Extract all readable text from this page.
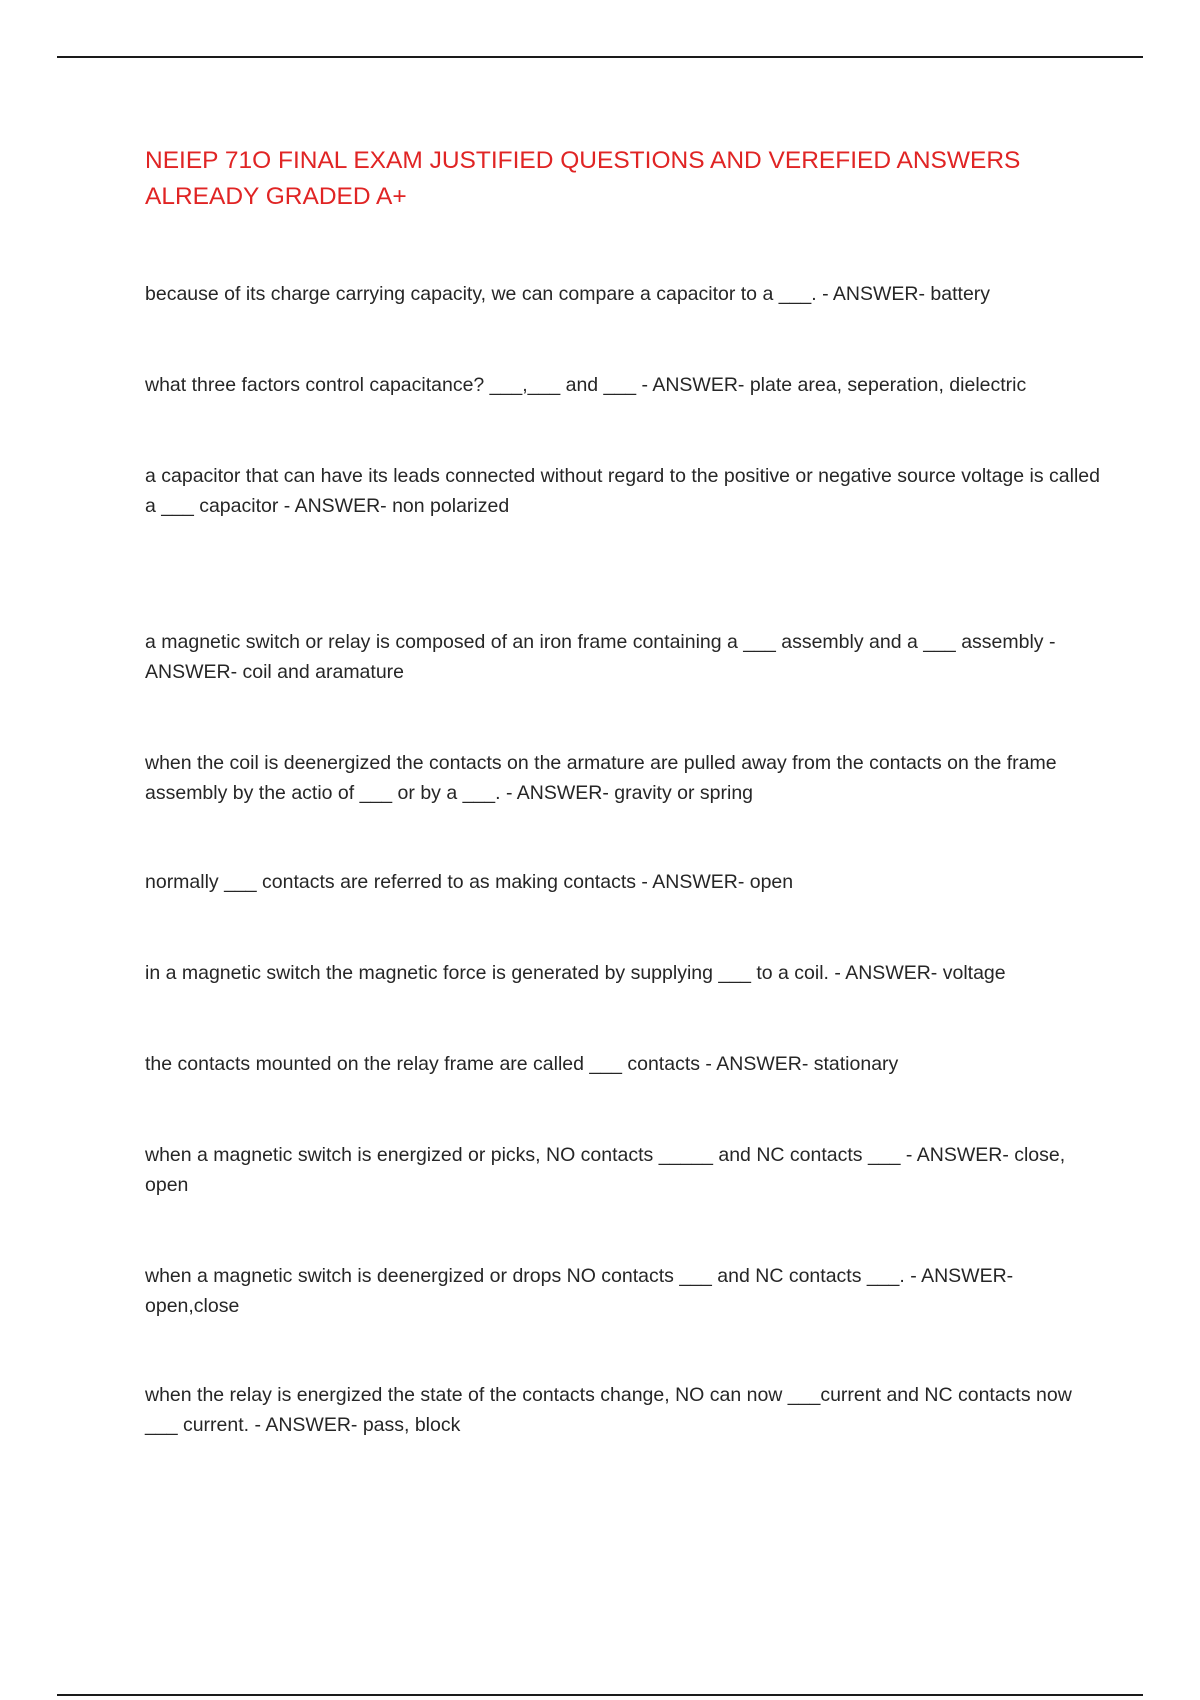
NEIEP 71O FINAL EXAM JUSTIFIED QUESTIONS AND VEREFIED ANSWERS ALREADY GRADED A+

because of its charge carrying capacity, we can compare a capacitor to a ___. - ANSWER- battery

what three factors control capacitance? ___,___ and ___ - ANSWER- plate area, seperation, dielectric

a capacitor that can have its leads connected without regard to the positive or negative source voltage is called a ___ capacitor - ANSWER- non polarized

a magnetic switch or relay is composed of an iron frame containing a ___ assembly and a ___ assembly - ANSWER- coil and aramature

when the coil is deenergized the contacts on the armature are pulled away from the contacts on the frame assembly by the actio of ___ or by a ___. - ANSWER- gravity or spring

normally ___ contacts are referred to as making contacts - ANSWER- open

in a magnetic switch the magnetic force is generated by supplying ___ to a coil. - ANSWER- voltage

the contacts mounted on the relay frame are called ___ contacts - ANSWER- stationary

when a magnetic switch is energized or picks, NO contacts _____ and NC contacts ___ - ANSWER- close, open

when a magnetic switch is deenergized or drops NO contacts ___ and NC contacts ___. - ANSWER- open,close

when the relay is energized the state of the contacts change, NO can now ___current and NC contacts now ___ current. - ANSWER- pass, block
